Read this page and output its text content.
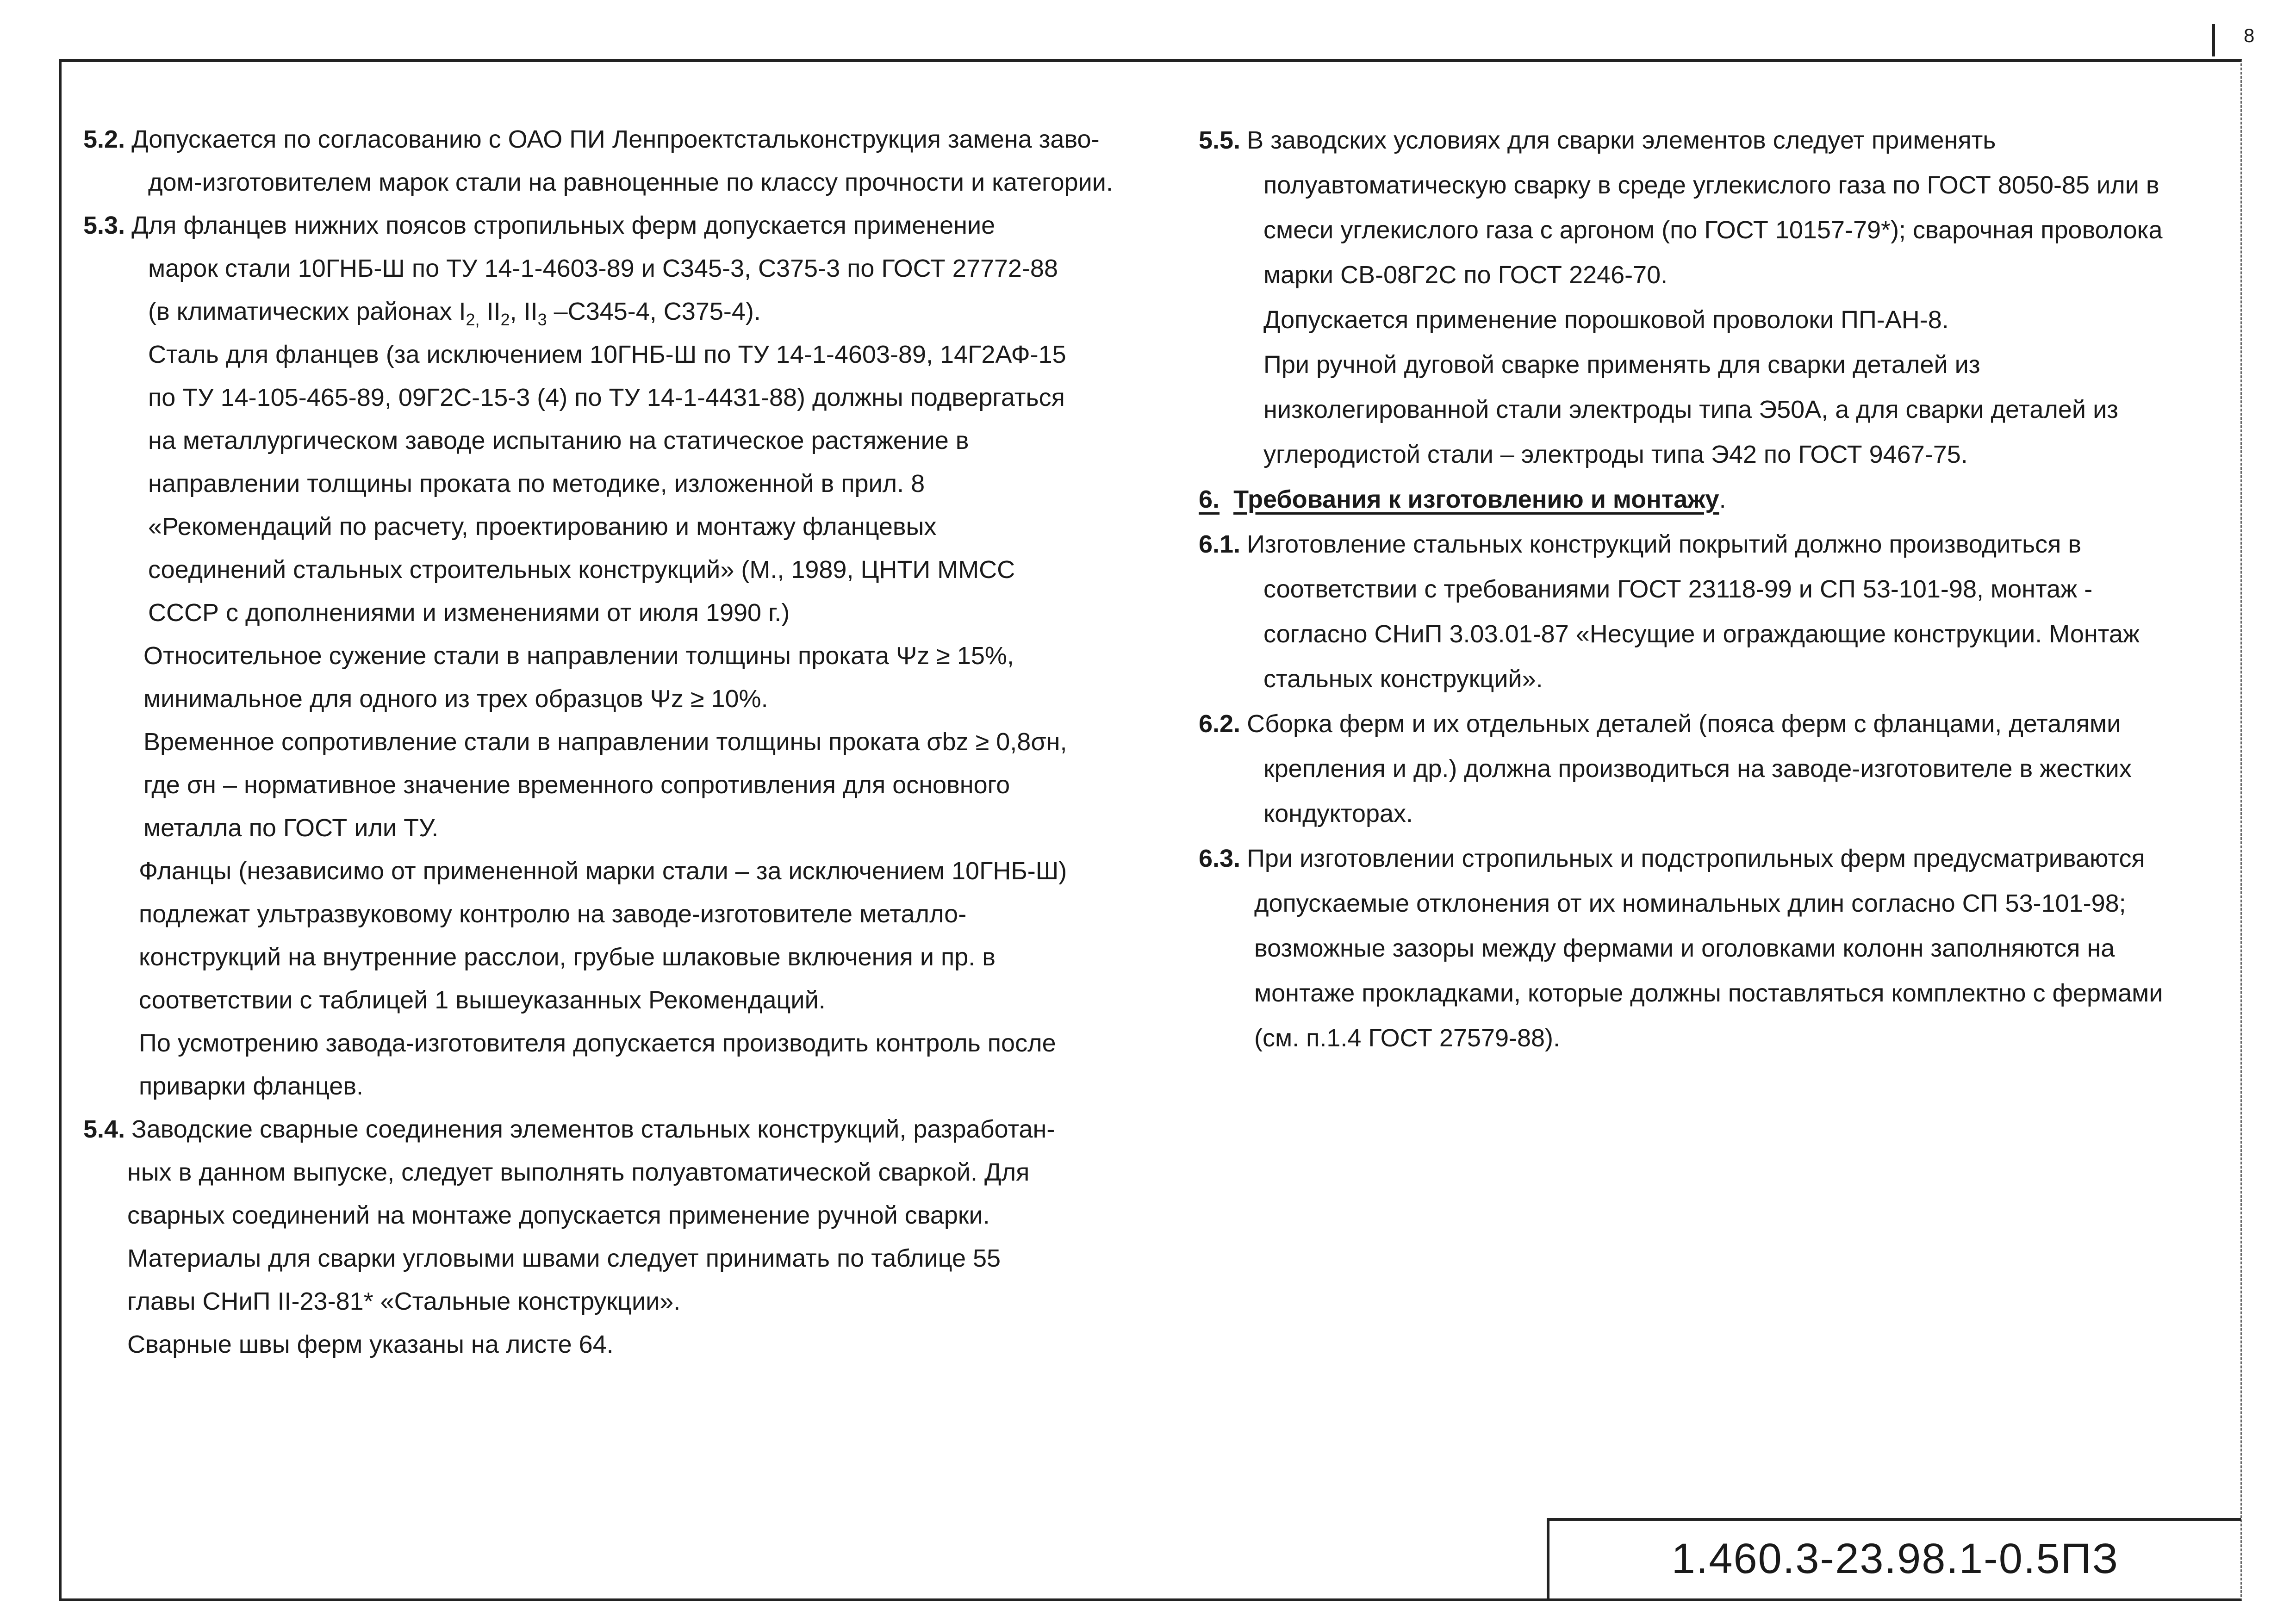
8
5.2. Допускается по согласованию с ОАО ПИ Ленпроектстальконструкция замена заво-
дом-изготовителем марок стали на равноценные по классу прочности и категории.
5.3. Для фланцев нижних поясов стропильных ферм допускается применение
марок стали 10ГНБ-Ш по ТУ 14-1-4603-89 и С345-3, С375-3 по ГОСТ 27772-88
(в климатических районах $I_{2,}$ $II_2$, $II_3$ –С345-4, С375-4).
Сталь для фланцев (за исключением 10ГНБ-Ш по ТУ 14-1-4603-89, 14Г2АФ-15
по ТУ 14-105-465-89, 09Г2С-15-3 (4) по ТУ 14-1-4431-88) должны подвергаться
на металлургическом заводе испытанию на статическое растяжение в
направлении толщины проката по методике, изложенной в прил. 8
«Рекомендаций по расчету, проектированию и монтажу фланцевых
соединений стальных строительных конструкций» (М., 1989, ЦНТИ ММСС
СССР с дополнениями и изменениями от июля 1990 г.)
Относительное сужение стали в направлении толщины проката Ψz ≥ 15%,
минимальное для одного из трех образцов Ψz ≥ 10%.
Временное сопротивление стали в направлении толщины проката σbz ≥ 0,8σн,
где σн – нормативное значение временного сопротивления для основного
металла по ГОСТ или ТУ.
Фланцы (независимо от примененной марки стали – за исключением 10ГНБ-Ш)
подлежат ультразвуковому контролю на заводе-изготовителе металло-
конструкций на внутренние расслои, грубые шлаковые включения и пр. в
соответствии с таблицей 1 вышеуказанных Рекомендаций.
По усмотрению завода-изготовителя допускается производить контроль после
приварки фланцев.
5.4. Заводские сварные соединения элементов стальных конструкций, разработан-
ных в данном выпуске, следует выполнять полуавтоматической сваркой. Для
сварных соединений на монтаже допускается применение ручной сварки.
Материалы для сварки угловыми швами следует принимать по таблице 55
главы СНиП II-23-81* «Стальные конструкции».
Сварные швы ферм указаны на листе 64.
5.5. В заводских условиях для сварки элементов следует применять
полуавтоматическую сварку в среде углекислого газа по ГОСТ 8050-85 или в
смеси углекислого газа с аргоном (по ГОСТ 10157-79*); сварочная проволока
марки СВ-08Г2С по ГОСТ 2246-70.
Допускается применение порошковой проволоки ПП-АН-8.
При ручной дуговой сварке применять для сварки деталей из
низколегированной стали электроды типа Э50А, а для сварки деталей из
углеродистой стали – электроды типа Э42 по ГОСТ 9467-75.
6. Требования к изготовлению и монтажу.
6.1. Изготовление стальных конструкций покрытий должно производиться в
соответствии с требованиями ГОСТ 23118-99 и СП 53-101-98, монтаж -
согласно СНиП 3.03.01-87 «Несущие и ограждающие конструкции. Монтаж
стальных конструкций».
6.2. Сборка ферм и их отдельных деталей (пояса ферм с фланцами, деталями
крепления и др.) должна производиться на заводе-изготовителе в жестких
кондукторах.
6.3. При изготовлении стропильных и подстропильных ферм предусматриваются
допускаемые отклонения от их номинальных длин согласно СП 53-101-98;
возможные зазоры между фермами и оголовками колонн заполняются на
монтаже прокладками, которые должны поставляться комплектно с фермами
(см. п.1.4 ГОСТ 27579-88).
1.460.3-23.98.1-0.5ПЗ
